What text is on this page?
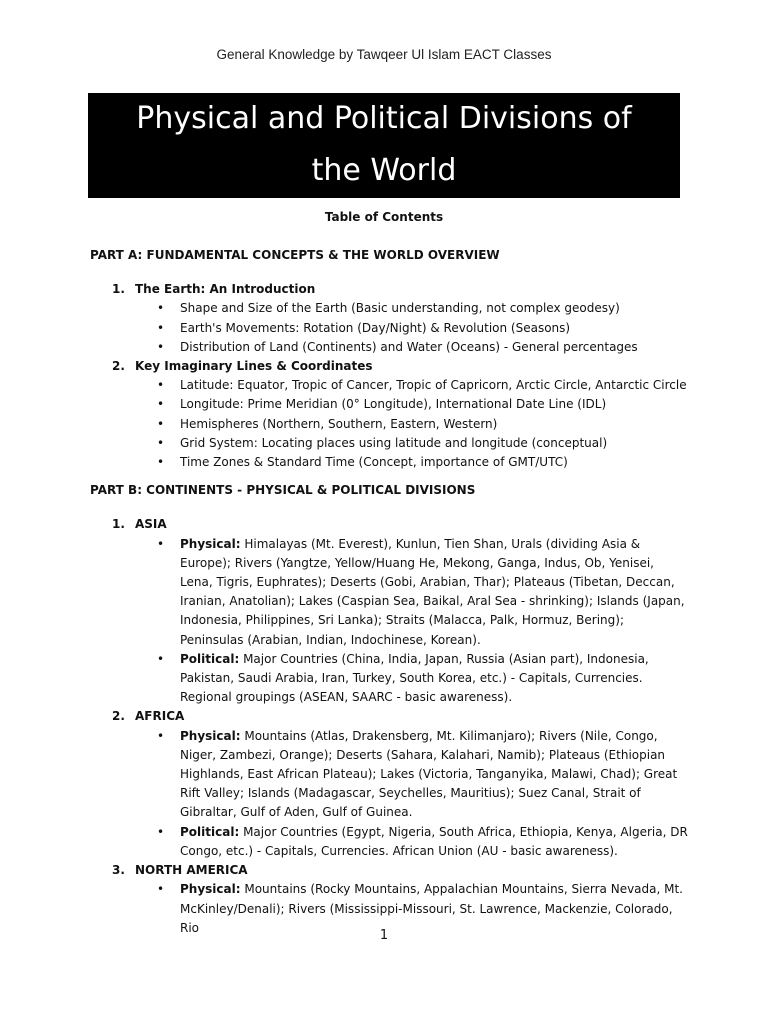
General Knowledge by Tawqeer Ul Islam EACT Classes
Physical and Political Divisions of
the World
Table of Contents

PART A: FUNDAMENTAL CONCEPTS & THE WORLD OVERVIEW

1. The Earth: An Introduction
• Shape and Size of the Earth (Basic understanding, not complex geodesy)
• Earth's Movements: Rotation (Day/Night) & Revolution (Seasons)
• Distribution of Land (Continents) and Water (Oceans) - General percentages
2. Key Imaginary Lines & Coordinates
• Latitude: Equator, Tropic of Cancer, Tropic of Capricorn, Arctic Circle, Antarctic Circle
• Longitude: Prime Meridian (0° Longitude), International Date Line (IDL)
• Hemispheres (Northern, Southern, Eastern, Western)
• Grid System: Locating places using latitude and longitude (conceptual)
• Time Zones & Standard Time (Concept, importance of GMT/UTC)

PART B: CONTINENTS - PHYSICAL & POLITICAL DIVISIONS

1. ASIA
• Physical: Himalayas (Mt. Everest), Kunlun, Tien Shan, Urals (dividing Asia & Europe); Rivers (Yangtze, Yellow/Huang He, Mekong, Ganga, Indus, Ob, Yenisei, Lena, Tigris, Euphrates); Deserts (Gobi, Arabian, Thar); Plateaus (Tibetan, Deccan, Iranian, Anatolian); Lakes (Caspian Sea, Baikal, Aral Sea - shrinking); Islands (Japan, Indonesia, Philippines, Sri Lanka); Straits (Malacca, Palk, Hormuz, Bering); Peninsulas (Arabian, Indian, Indochinese, Korean).
• Political: Major Countries (China, India, Japan, Russia (Asian part), Indonesia, Pakistan, Saudi Arabia, Iran, Turkey, South Korea, etc.) - Capitals, Currencies. Regional groupings (ASEAN, SAARC - basic awareness).
2. AFRICA
• Physical: Mountains (Atlas, Drakensberg, Mt. Kilimanjaro); Rivers (Nile, Congo, Niger, Zambezi, Orange); Deserts (Sahara, Kalahari, Namib); Plateaus (Ethiopian Highlands, East African Plateau); Lakes (Victoria, Tanganyika, Malawi, Chad); Great Rift Valley; Islands (Madagascar, Seychelles, Mauritius); Suez Canal, Strait of Gibraltar, Gulf of Aden, Gulf of Guinea.
• Political: Major Countries (Egypt, Nigeria, South Africa, Ethiopia, Kenya, Algeria, DR Congo, etc.) - Capitals, Currencies. African Union (AU - basic awareness).
3. NORTH AMERICA
• Physical: Mountains (Rocky Mountains, Appalachian Mountains, Sierra Nevada, Mt. McKinley/Denali); Rivers (Mississippi-Missouri, St. Lawrence, Mackenzie, Colorado, Rio
1
